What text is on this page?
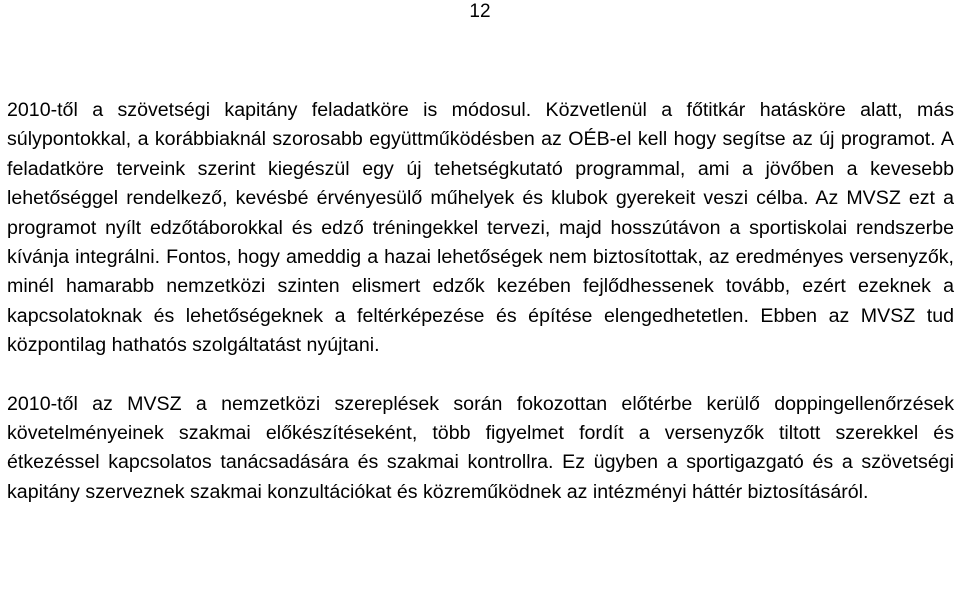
12

2010-től a szövetségi kapitány feladatköre is módosul. Közvetlenül a főtitkár hatásköre alatt, más súlypontokkal, a korábbiaknál szorosabb együttműködésben az OÉB-el kell hogy segítse az új programot. A feladatköre terveink szerint kiegészül egy új tehetségkutató programmal, ami a jövőben a kevesebb lehetőséggel rendelkező, kevésbé érvényesülő műhelyek és klubok gyerekeit veszi célba. Az MVSZ ezt a programot nyílt edzőtáborokkal és edző tréningekkel tervezi, majd hosszútávon a sportiskolai rendszerbe kívánja integrálni. Fontos, hogy ameddig a hazai lehetőségek nem biztosítottak, az eredményes versenyzők, minél hamarabb nemzetközi szinten elismert edzők kezében fejlődhessenek tovább, ezért ezeknek a kapcsolatoknak és lehetőségeknek a feltérképezése és építése elengedhetetlen. Ebben az MVSZ tud központilag hathatós szolgáltatást nyújtani.

2010-től az MVSZ a nemzetközi szereplések során fokozottan előtérbe kerülő doppingellenőrzések követelményeinek szakmai előkészítéseként, több figyelmet fordít a versenyzők tiltott szerekkel és étkezéssel kapcsolatos tanácsadására és szakmai kontrollra. Ez ügyben a sportigazgató és a szövetségi kapitány szerveznek szakmai konzultációkat és közreműködnek az intézményi háttér biztosításáról.
